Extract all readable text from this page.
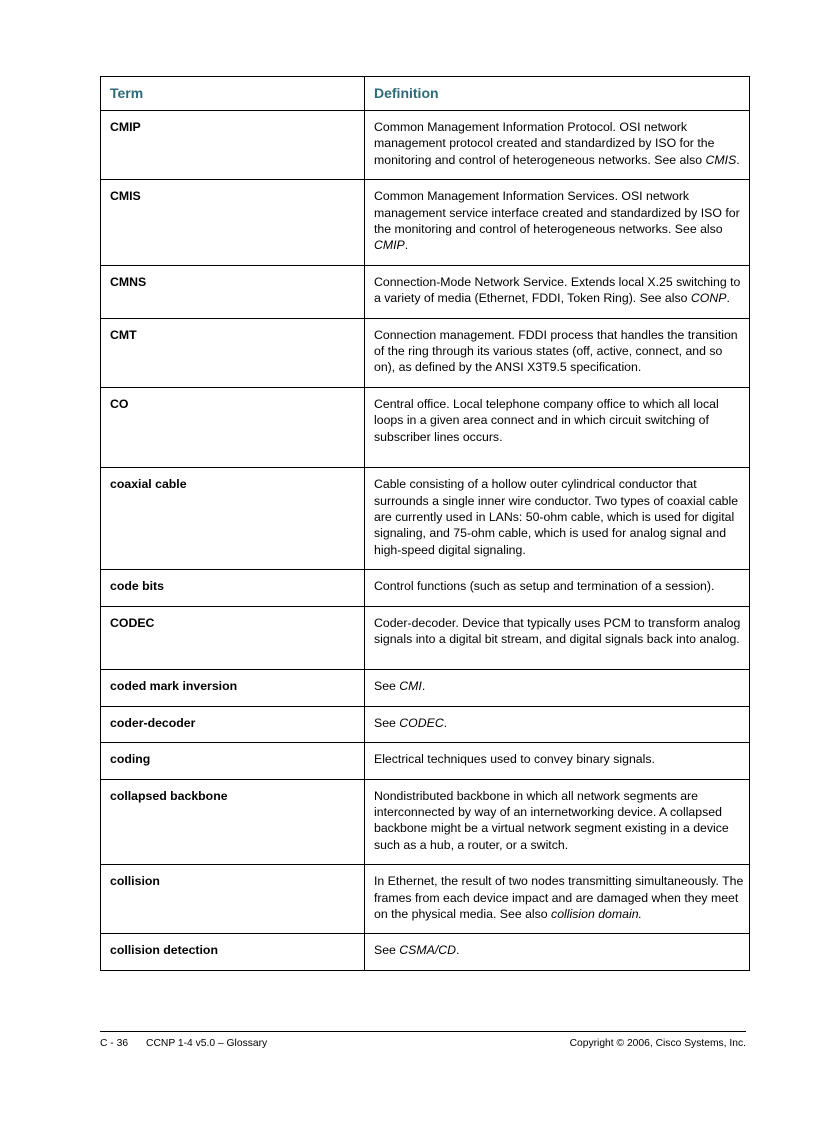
Term	Definition
CMIP	Common Management Information Protocol. OSI network management protocol created and standardized by ISO for the monitoring and control of heterogeneous networks. See also CMIS.
CMIS	Common Management Information Services. OSI network management service interface created and standardized by ISO for the monitoring and control of heterogeneous networks. See also CMIP.
CMNS	Connection-Mode Network Service. Extends local X.25 switching to a variety of media (Ethernet, FDDI, Token Ring). See also CONP.
CMT	Connection management. FDDI process that handles the transition of the ring through its various states (off, active, connect, and so on), as defined by the ANSI X3T9.5 specification.
CO	Central office. Local telephone company office to which all local loops in a given area connect and in which circuit switching of subscriber lines occurs.
coaxial cable	Cable consisting of a hollow outer cylindrical conductor that surrounds a single inner wire conductor. Two types of coaxial cable are currently used in LANs: 50-ohm cable, which is used for digital signaling, and 75-ohm cable, which is used for analog signal and high-speed digital signaling.
code bits	Control functions (such as setup and termination of a session).
CODEC	Coder-decoder. Device that typically uses PCM to transform analog signals into a digital bit stream, and digital signals back into analog.
coded mark inversion	See CMI.
coder-decoder	See CODEC.
coding	Electrical techniques used to convey binary signals.
collapsed backbone	Nondistributed backbone in which all network segments are interconnected by way of an internetworking device. A collapsed backbone might be a virtual network segment existing in a device such as a hub, a router, or a switch.
collision	In Ethernet, the result of two nodes transmitting simultaneously. The frames from each device impact and are damaged when they meet on the physical media. See also collision domain.
collision detection	See CSMA/CD.
C - 36 CCNP 1-4 v5.0 – Glossary	Copyright © 2006, Cisco Systems, Inc.
